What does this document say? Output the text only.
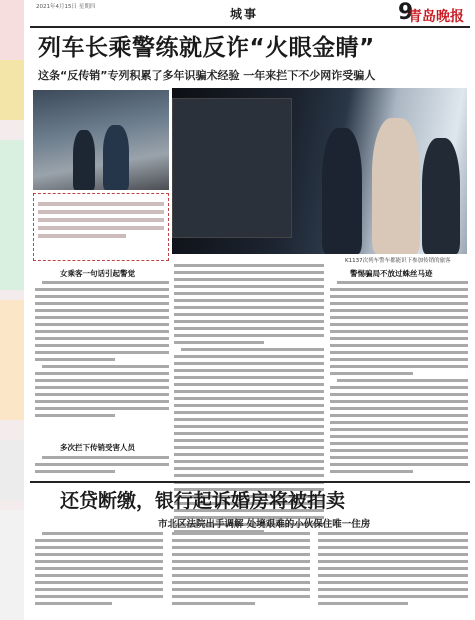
2021年4月15日 星期四	城事	9
青岛晚报
列车长乘警练就反诈“火眼金睛”
这条“反传销”专列积累了多年识骗术经验 一年来拦下不少网诈受骗人
K1137次列车警车都能识下参加传销的旅客
女乘客一句话引起警觉
多次拦下传销受害人员
警惕骗局不放过蛛丝马迹
还贷断缴，银行起诉婚房将被拍卖
市北区法院出手调解 处境艰难的小伙保住唯一住房
